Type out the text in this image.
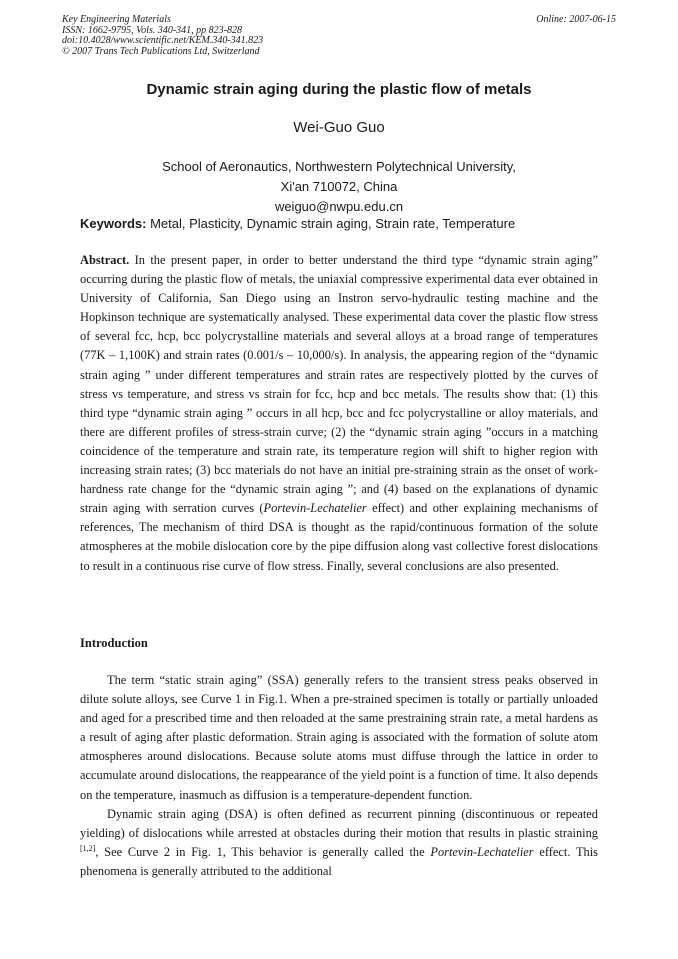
Key Engineering Materials
ISSN: 1662-9795, Vols. 340-341, pp 823-828
doi:10.4028/www.scientific.net/KEM.340-341.823
© 2007 Trans Tech Publications Ltd, Switzerland
Online: 2007-06-15
Dynamic strain aging during the plastic flow of metals
Wei-Guo Guo
School of Aeronautics, Northwestern Polytechnical University,
Xi'an 710072, China
weiguo@nwpu.edu.cn
Keywords: Metal, Plasticity, Dynamic strain aging, Strain rate, Temperature
Abstract. In the present paper, in order to better understand the third type “dynamic strain aging” occurring during the plastic flow of metals, the uniaxial compressive experimental data ever obtained in University of California, San Diego using an Instron servo-hydraulic testing machine and the Hopkinson technique are systematically analysed. These experimental data cover the plastic flow stress of several fcc, hcp, bcc polycrystalline materials and several alloys at a broad range of temperatures (77K – 1,100K) and strain rates (0.001/s – 10,000/s). In analysis, the appearing region of the “dynamic strain aging ” under different temperatures and strain rates are respectively plotted by the curves of stress vs temperature, and stress vs strain for fcc, hcp and bcc metals. The results show that: (1) this third type “dynamic strain aging ” occurs in all hcp, bcc and fcc polycrystalline or alloy materials, and there are different profiles of stress-strain curve; (2) the “dynamic strain aging ”occurs in a matching coincidence of the temperature and strain rate, its temperature region will shift to higher region with increasing strain rates; (3) bcc materials do not have an initial pre-straining strain as the onset of work-hardness rate change for the “dynamic strain aging ”; and (4) based on the explanations of dynamic strain aging with serration curves (Portevin-Lechatelier effect) and other explaining mechanisms of references, The mechanism of third DSA is thought as the rapid/continuous formation of the solute atmospheres at the mobile dislocation core by the pipe diffusion along vast collective forest dislocations to result in a continuous rise curve of flow stress. Finally, several conclusions are also presented.
Introduction

The term “static strain aging” (SSA) generally refers to the transient stress peaks observed in dilute solute alloys, see Curve 1 in Fig.1. When a pre-strained specimen is totally or partially unloaded and aged for a prescribed time and then reloaded at the same prestraining strain rate, a metal hardens as a result of aging after plastic deformation. Strain aging is associated with the formation of solute atom atmospheres around dislocations. Because solute atoms must diffuse through the lattice in order to accumulate around dislocations, the reappearance of the yield point is a function of time. It also depends on the temperature, inasmuch as diffusion is a temperature-dependent function.

Dynamic strain aging (DSA) is often defined as recurrent pinning (discontinuous or repeated yielding) of dislocations while arrested at obstacles during their motion that results in plastic straining [1,2], See Curve 2 in Fig. 1, This behavior is generally called the Portevin-Lechatelier effect. This phenomena is generally attributed to the additional
